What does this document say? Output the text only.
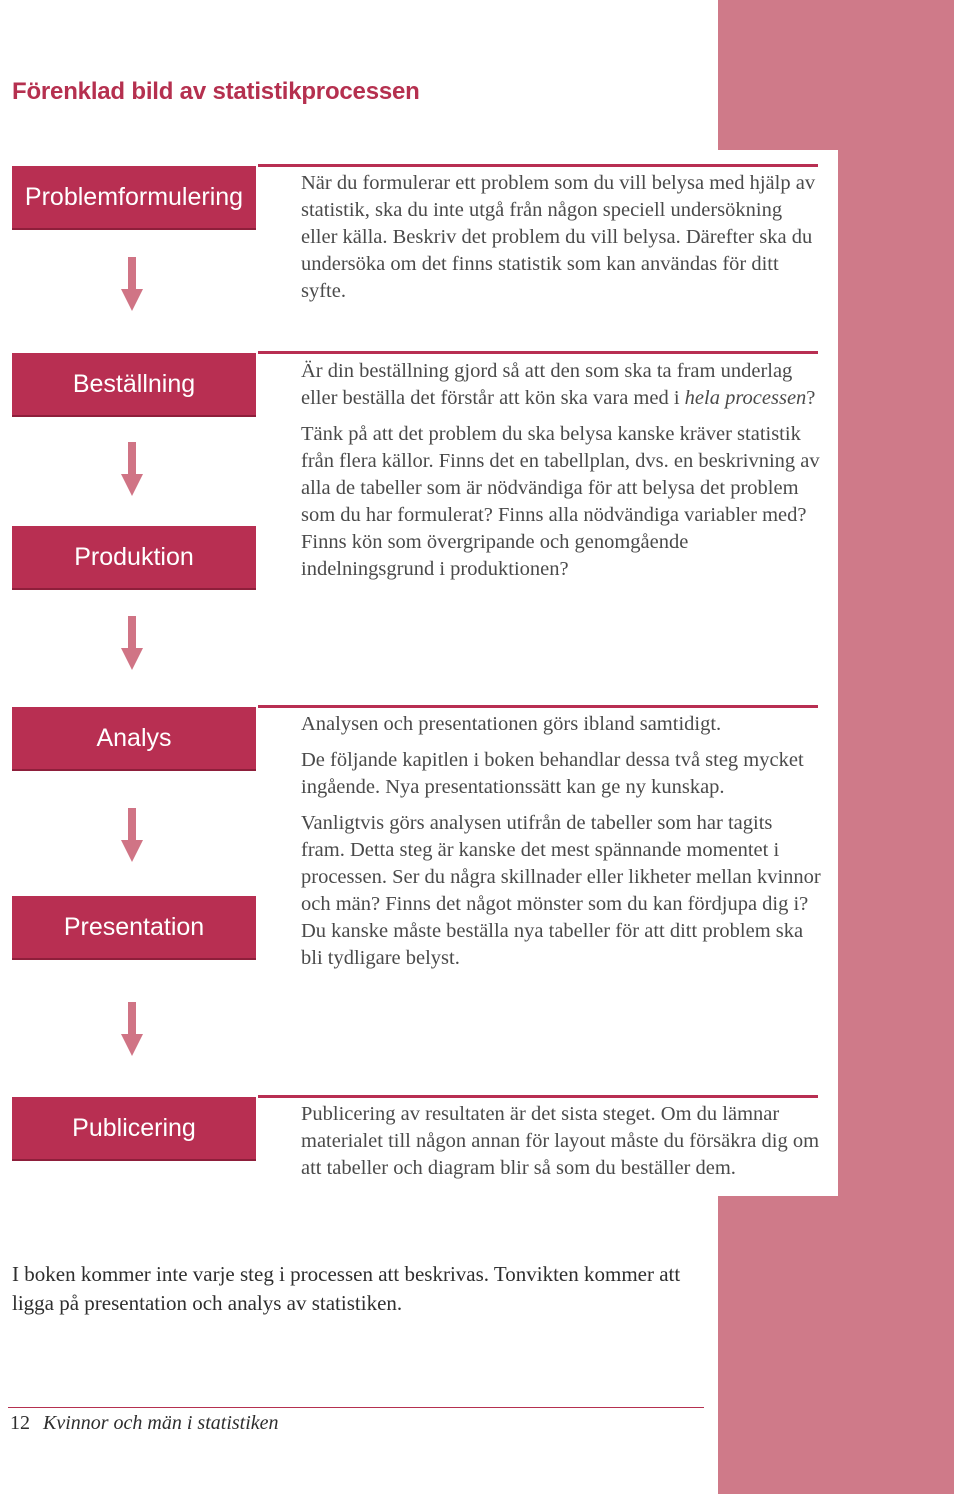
Förenklad bild av statistikprocessen
Problemformulering
Beställning
Produktion
Analys
Presentation
Publicering

När du formulerar ett problem som du vill belysa med hjälp av statistik, ska du inte utgå från någon speciell undersökning eller källa. Beskriv det problem du vill belysa. Därefter ska du undersöka om det finns statistik som kan användas för ditt syfte.

Är din beställning gjord så att den som ska ta fram underlag eller beställa det förstår att kön ska vara med i hela processen?

Tänk på att det problem du ska belysa kanske kräver statistik från flera källor. Finns det en tabellplan, dvs. en beskrivning av alla de tabeller som är nödvändiga för att belysa det problem som du har formulerat? Finns alla nödvändiga variabler med? Finns kön som övergripande och genomgående indelningsgrund i produktionen?

Analysen och presentationen görs ibland samtidigt.

De följande kapitlen i boken behandlar dessa två steg mycket ingående. Nya presentationssätt kan ge ny kunskap.

Vanligtvis görs analysen utifrån de tabeller som har tagits fram. Detta steg är kanske det mest spännande momentet i processen. Ser du några skillnader eller likheter mellan kvinnor och män? Finns det något mönster som du kan fördjupa dig i? Du kanske måste beställa nya tabeller för att ditt problem ska bli tydligare belyst.

Publicering av resultaten är det sista steget. Om du lämnar materialet till någon annan för layout måste du försäkra dig om att tabeller och diagram blir så som du beställer dem.

I boken kommer inte varje steg i processen att beskrivas. Tonvikten kommer att ligga på presentation och analys av statistiken.

12 Kvinnor och män i statistiken
